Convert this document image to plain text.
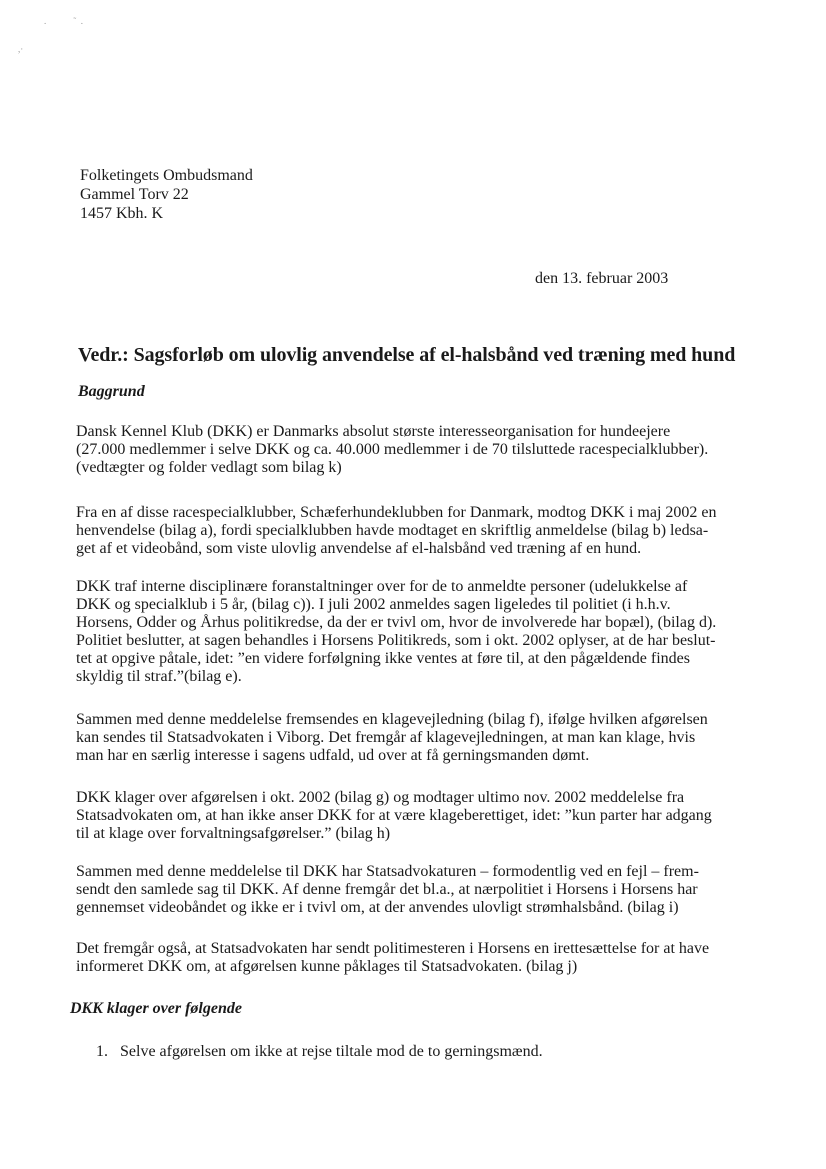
.            ˜  .
,·
Folketingets Ombudsmand
Gammel Torv 22
1457 Kbh. K
den 13. februar 2003
Vedr.: Sagsforløb om ulovlig anvendelse af el-halsbånd ved træning med hund
Baggrund
Dansk Kennel Klub (DKK) er Danmarks absolut største interesseorganisation for hundeejere
(27.000 medlemmer i selve DKK og ca. 40.000 medlemmer i de 70 tilsluttede racespecialklubber).
(vedtægter og folder vedlagt som bilag k)
Fra en af disse racespecialklubber, Schæferhundeklubben for Danmark, modtog DKK i maj 2002 en
henvendelse (bilag a), fordi specialklubben havde modtaget en skriftlig anmeldelse (bilag b) ledsa-
get af et videobånd, som viste ulovlig anvendelse af el-halsbånd ved træning af en hund.
DKK traf interne disciplinære foranstaltninger over for de to anmeldte personer (udelukkelse af
DKK og specialklub i 5 år, (bilag c)). I juli 2002 anmeldes sagen ligeledes til politiet (i h.h.v.
Horsens, Odder og Århus politikredse, da der er tvivl om, hvor de involverede har bopæl), (bilag d).
Politiet beslutter, at sagen behandles i Horsens Politikreds, som i okt. 2002 oplyser, at de har beslut-
tet at opgive påtale, idet: ”en videre forfølgning ikke ventes at føre til, at den pågældende findes
skyldig til straf.”(bilag e).
Sammen med denne meddelelse fremsendes en klagevejledning (bilag f), ifølge hvilken afgørelsen
kan sendes til Statsadvokaten i Viborg. Det fremgår af klagevejledningen, at man kan klage, hvis
man har en særlig interesse i sagens udfald, ud over at få gerningsmanden dømt.
DKK klager over afgørelsen i okt. 2002 (bilag g) og modtager ultimo nov. 2002 meddelelse fra
Statsadvokaten om, at han ikke anser DKK for at være klageberettiget, idet: ”kun parter har adgang
til at klage over forvaltningsafgørelser.” (bilag h)
Sammen med denne meddelelse til DKK har Statsadvokaturen – formodentlig ved en fejl – frem-
sendt den samlede sag til DKK. Af denne fremgår det bl.a., at nærpolitiet i Horsens i Horsens har
gennemset videobåndet og ikke er i tvivl om, at der anvendes ulovligt strømhalsbånd. (bilag i)
Det fremgår også, at Statsadvokaten har sendt politimesteren i Horsens en irettesættelse for at have
informeret DKK om, at afgørelsen kunne påklages til Statsadvokaten. (bilag j)
DKK klager over følgende
1. Selve afgørelsen om ikke at rejse tiltale mod de to gerningsmænd.
